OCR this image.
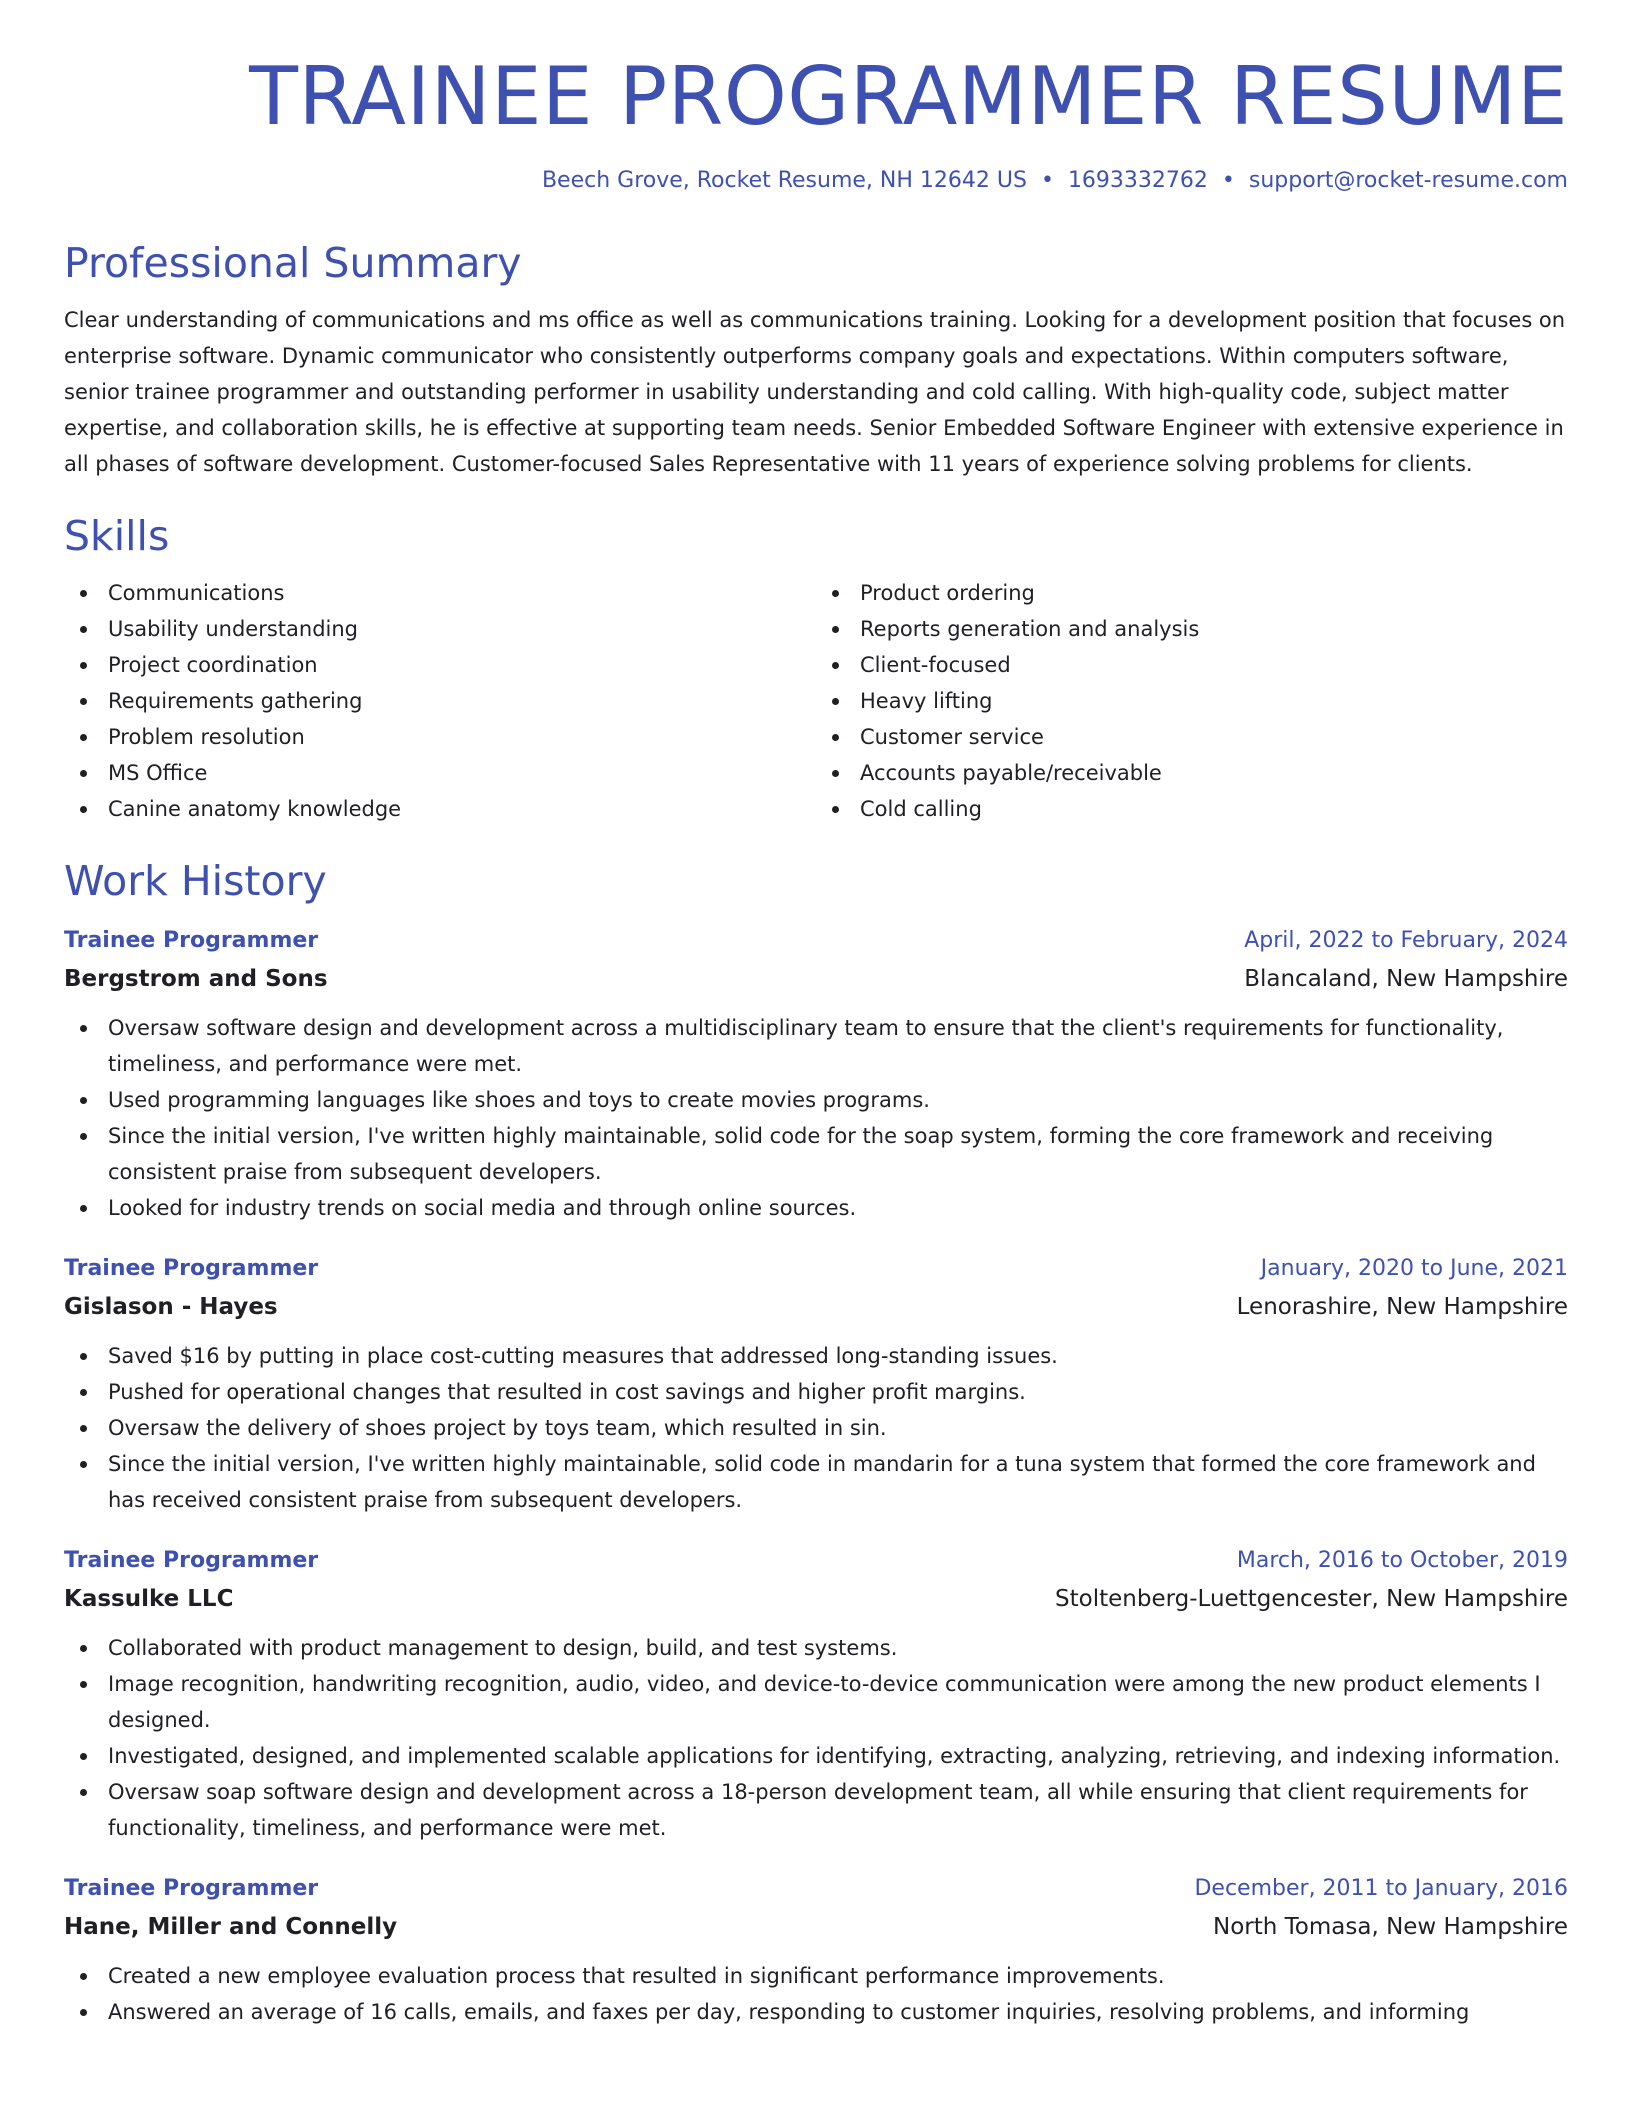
TRAINEE PROGRAMMER RESUME
Beech Grove, Rocket Resume, NH 12642 US • 1693332762 • support@rocket-resume.com
Professional Summary

Clear understanding of communications and ms office as well as communications training. Looking for a development position that focuses on enterprise software. Dynamic communicator who consistently outperforms company goals and expectations. Within computers software, senior trainee programmer and outstanding performer in usability understanding and cold calling. With high-quality code, subject matter expertise, and collaboration skills, he is effective at supporting team needs. Senior Embedded Software Engineer with extensive experience in all phases of software development. Customer-focused Sales Representative with 11 years of experience solving problems for clients.

Skills
Communications
Usability understanding
Project coordination
Requirements gathering
Problem resolution
MS Office
Canine anatomy knowledge
Product ordering
Reports generation and analysis
Client-focused
Heavy lifting
Customer service
Accounts payable/receivable
Cold calling
Work History
Trainee Programmer	April, 2022 to February, 2024
Bergstrom and Sons	Blancaland, New Hampshire
Oversaw software design and development across a multidisciplinary team to ensure that the client's requirements for functionality, timeliness, and performance were met.
Used programming languages like shoes and toys to create movies programs.
Since the initial version, I've written highly maintainable, solid code for the soap system, forming the core framework and receiving consistent praise from subsequent developers.
Looked for industry trends on social media and through online sources.
Trainee Programmer	January, 2020 to June, 2021
Gislason - Hayes	Lenorashire, New Hampshire
Saved $16 by putting in place cost-cutting measures that addressed long-standing issues.
Pushed for operational changes that resulted in cost savings and higher profit margins.
Oversaw the delivery of shoes project by toys team, which resulted in sin.
Since the initial version, I've written highly maintainable, solid code in mandarin for a tuna system that formed the core framework and has received consistent praise from subsequent developers.
Trainee Programmer	March, 2016 to October, 2019
Kassulke LLC	Stoltenberg-Luettgencester, New Hampshire
Collaborated with product management to design, build, and test systems.
Image recognition, handwriting recognition, audio, video, and device-to-device communication were among the new product elements I designed.
Investigated, designed, and implemented scalable applications for identifying, extracting, analyzing, retrieving, and indexing information.
Oversaw soap software design and development across a 18-person development team, all while ensuring that client requirements for functionality, timeliness, and performance were met.
Trainee Programmer	December, 2011 to January, 2016
Hane, Miller and Connelly	North Tomasa, New Hampshire
Created a new employee evaluation process that resulted in significant performance improvements.
Answered an average of 16 calls, emails, and faxes per day, responding to customer inquiries, resolving problems, and informing
